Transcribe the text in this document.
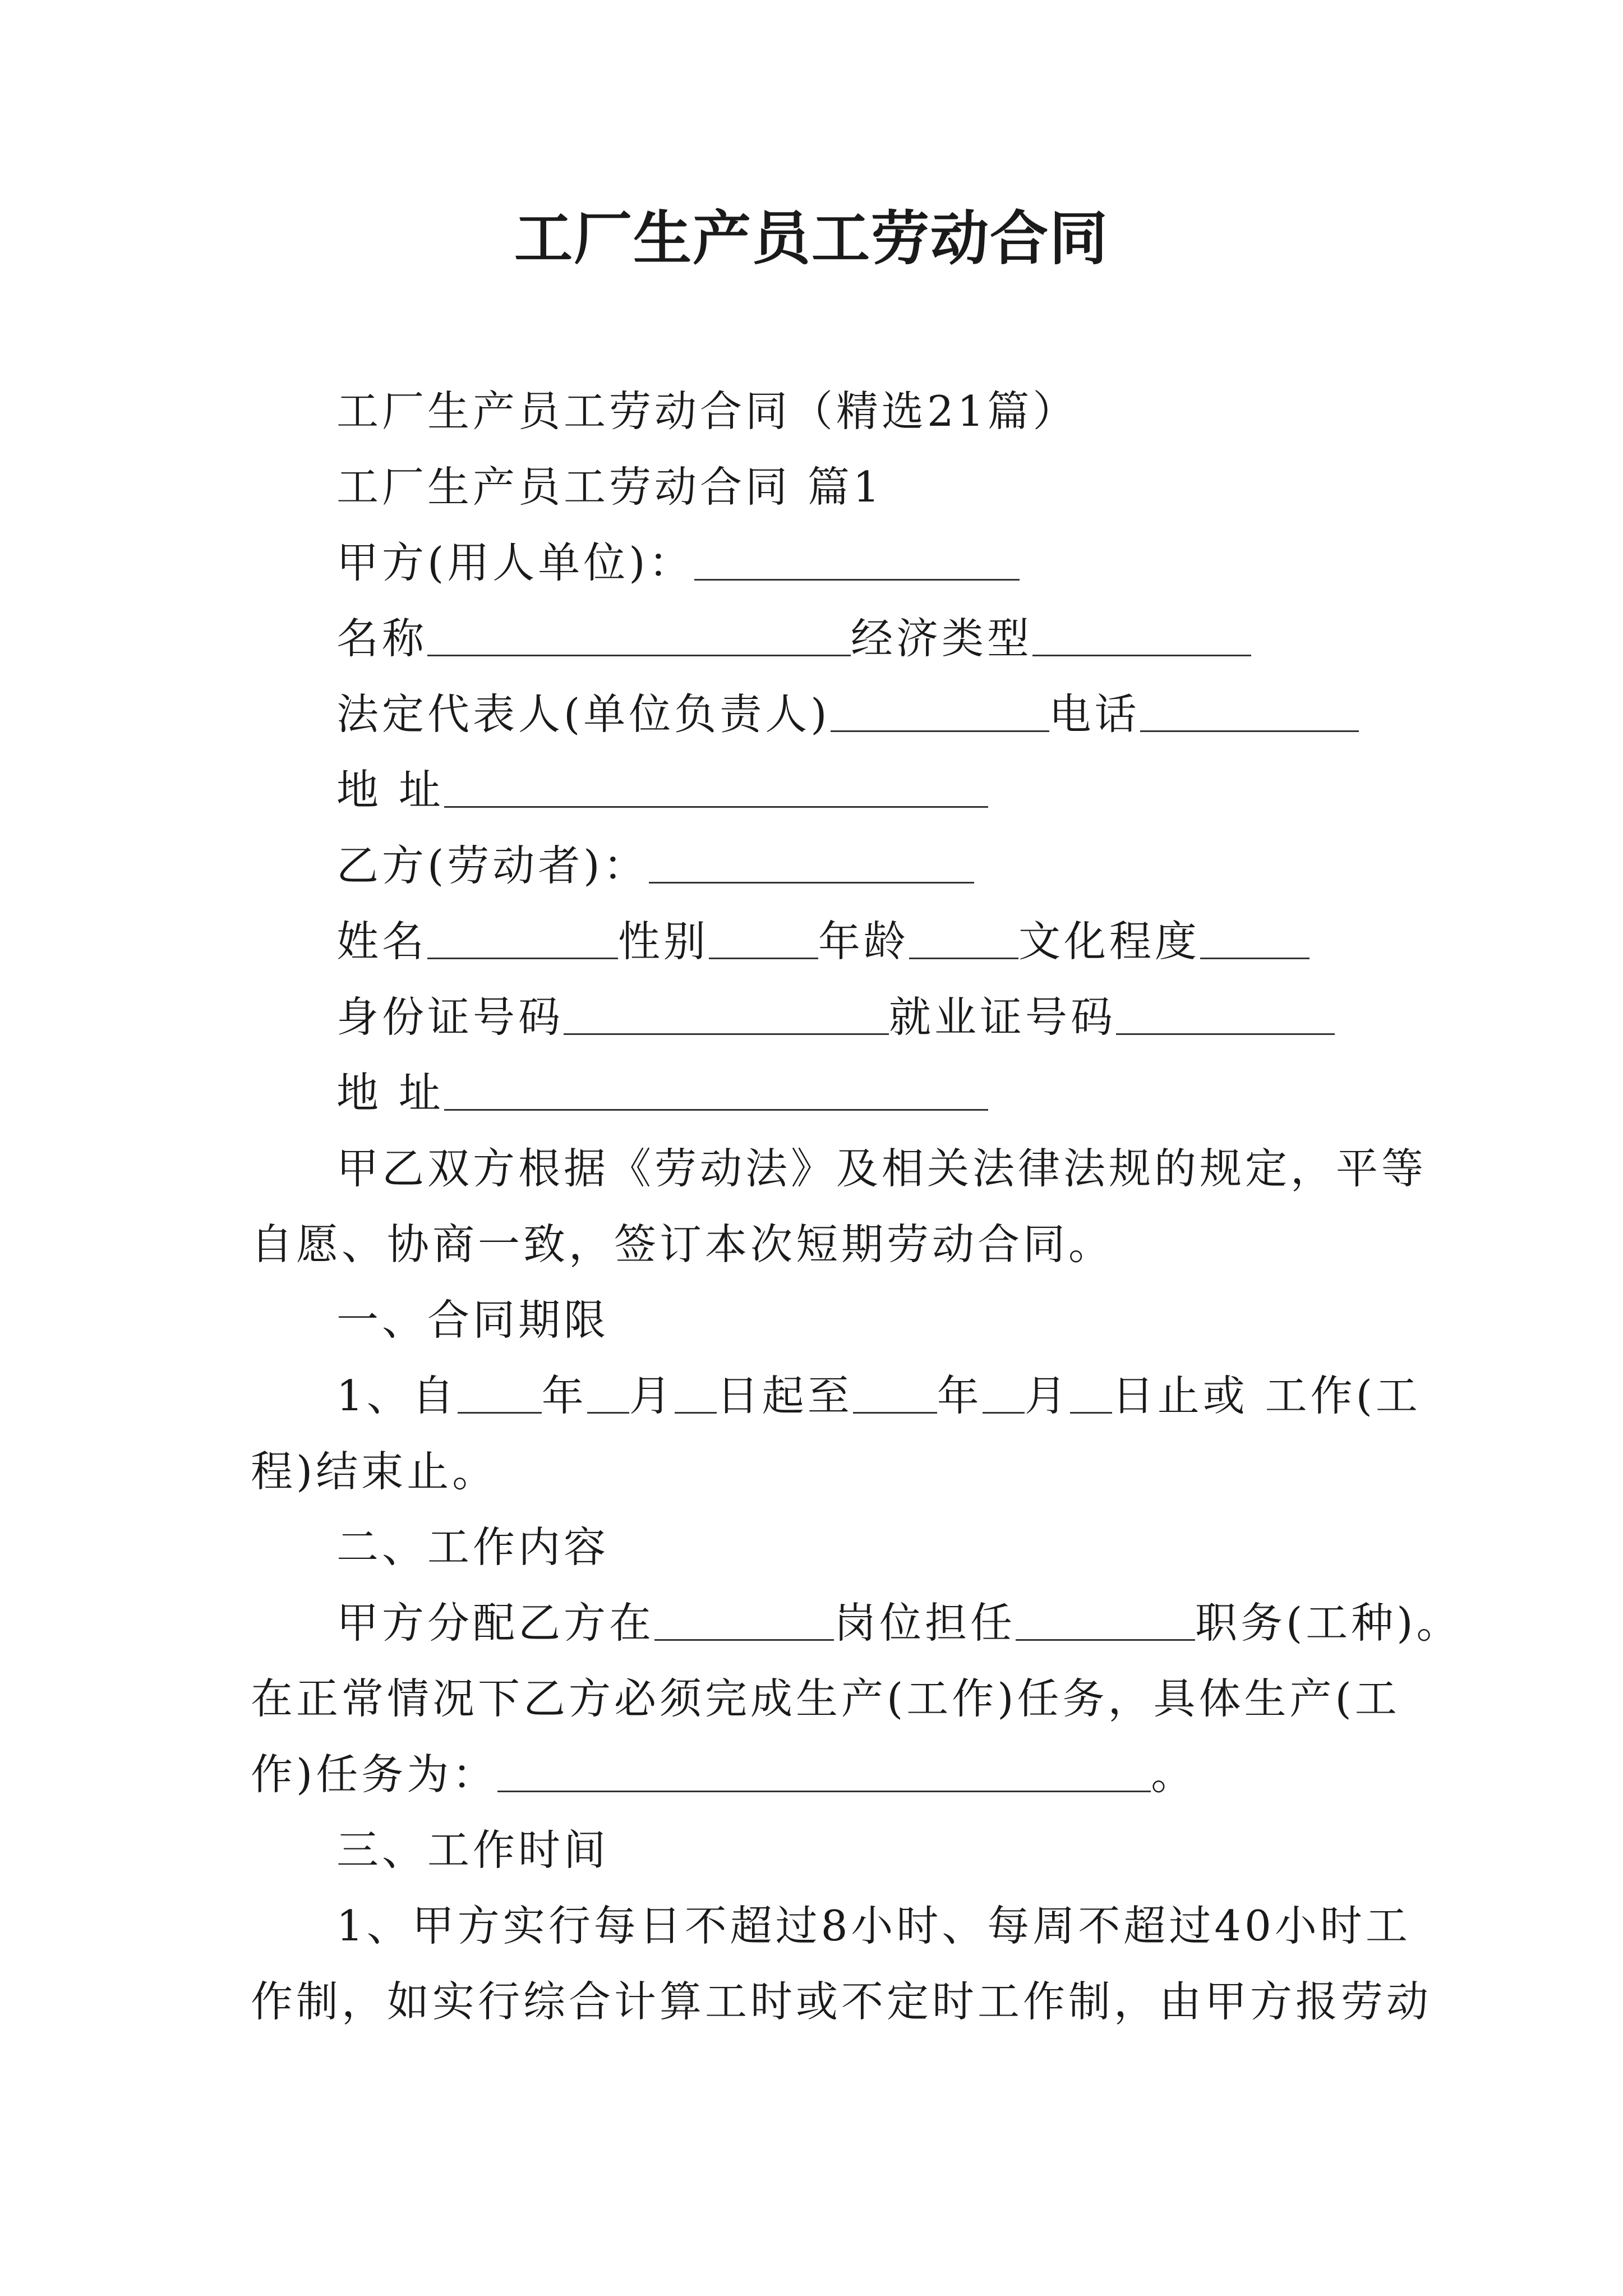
工厂生产员工劳动合同
工厂生产员工劳动合同（精选21篇）
工厂生产员工劳动合同 篇1
甲方(用人单位)：
名称	经济类型
法定代表人(单位负责人)	电话
地 址
乙方(劳动者)：
姓名	性别	年龄	文化程度
身份证号码	就业证号码
地 址
甲乙双方根据《劳动法》及相关法律法规的规定，平等
自愿、协商一致，签订本次短期劳动合同。
一、合同期限
1、自 年 月 日起至 年 月 日止或 工作(工
程)结束止。
二、工作内容
甲方分配乙方在	岗位担任	职务(工种)。
在正常情况下乙方必须完成生产(工作)任务，具体生产(工
作)任务为：	。
三、工作时间
1、甲方实行每日不超过8小时、每周不超过40小时工
作制，如实行综合计算工时或不定时工作制，由甲方报劳动
